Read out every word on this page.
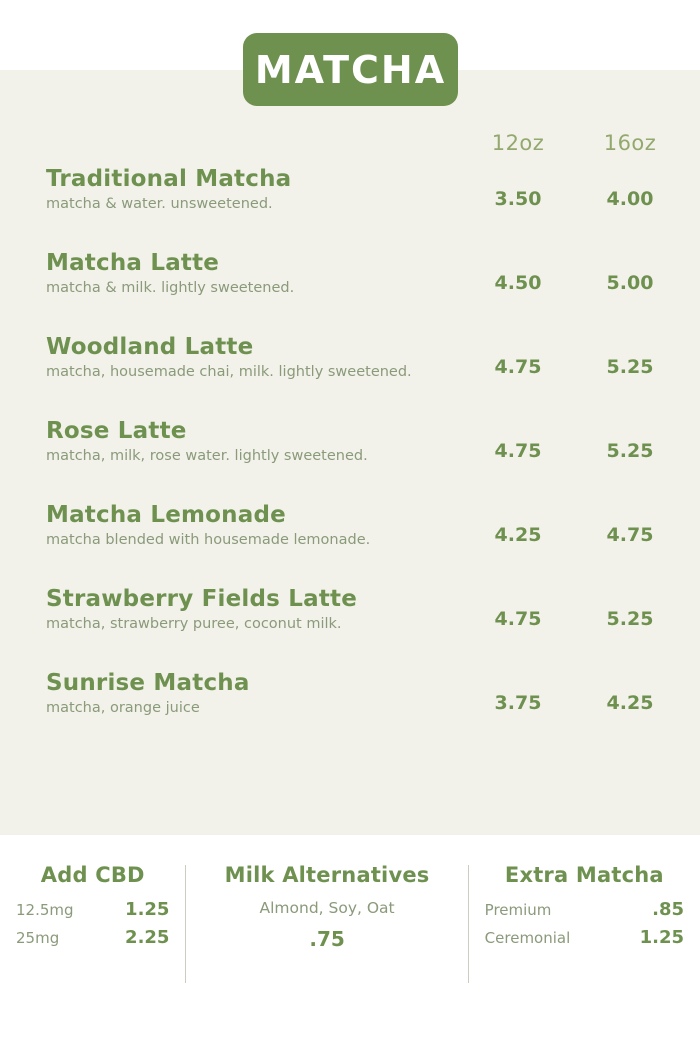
MATCHA
12oz	16oz

Traditional Matcha

matcha & water. unsweetened.	3.50	4.00

Matcha Latte

matcha & milk. lightly sweetened.	4.50	5.00

Woodland Latte

matcha, housemade chai, milk. lightly sweetened.	4.75	5.25

Rose Latte

matcha, milk, rose water. lightly sweetened.	4.75	5.25

Matcha Lemonade

matcha blended with housemade lemonade.	4.25	4.75

Strawberry Fields Latte

matcha, strawberry puree, coconut milk.	4.75	5.25

Sunrise Matcha

matcha, orange juice	3.75	4.25
Add CBD
12.5mg	1.25
25mg	2.25
Milk Alternatives

Almond, Soy, Oat

.75
Extra Matcha
Premium	.85
Ceremonial	1.25
